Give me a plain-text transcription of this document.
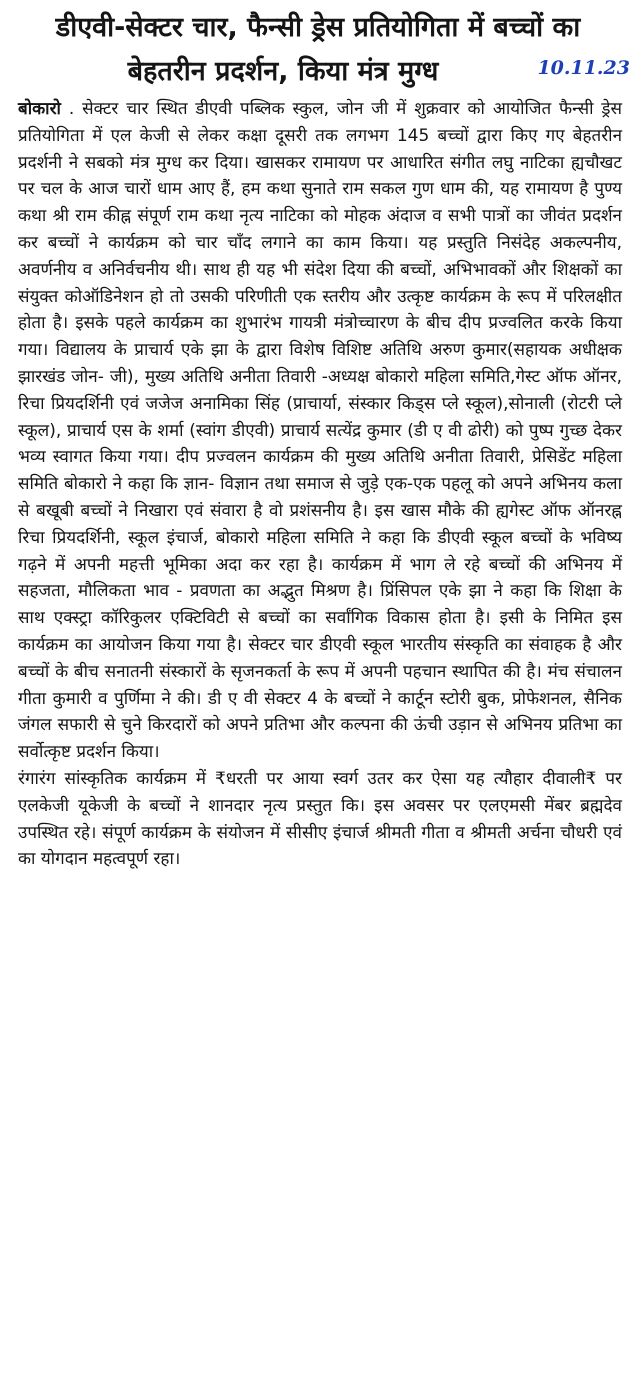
डीएवी-सेक्टर चार, फैन्सी ड्रेस प्रतियोगिता में बच्चों का
बेहतरीन प्रदर्शन, किया मंत्र मुग्ध	10.11.23

बोकारो . सेक्टर चार स्थित डीएवी पब्लिक स्कुल, जोन जी में शुक्रवार को आयोजित फैन्सी ड्रेस प्रतियोगिता में एल केजी से लेकर कक्षा दूसरी तक लगभग 145 बच्चों द्वारा किए गए बेहतरीन प्रदर्शनी ने सबको मंत्र मुग्ध कर दिया। खासकर रामायण पर आधारित संगीत लघु नाटिका ह्यचौखट पर चल के आज चारों धाम आए हैं, हम कथा सुनाते राम सकल गुण धाम की, यह रामायण है पुण्य कथा श्री राम कीह्न संपूर्ण राम कथा नृत्य नाटिका को मोहक अंदाज व सभी पात्रों का जीवंत प्रदर्शन कर बच्चों ने कार्यक्रम को चार चॉंद लगाने का काम किया। यह प्रस्तुति निसंदेह अकल्पनीय, अवर्णनीय व अनिर्वचनीय थी। साथ ही यह भी संदेश दिया की बच्चों, अभिभावकों और शिक्षकों का संयुक्त कोऑडिनेशन हो तो उसकी परिणीती एक स्तरीय और उत्कृष्ट कार्यक्रम के रूप में परिलक्षीत होता है। इसके पहले कार्यक्रम का शुभारंभ गायत्री मंत्रोच्चारण के बीच दीप प्रज्वलित करके किया गया। विद्यालय के प्राचार्य एके झा के द्वारा विशेष विशिष्ट अतिथि अरुण कुमार(सहायक अधीक्षक झारखंड जोन- जी), मुख्य अतिथि अनीता तिवारी -अध्यक्ष बोकारो महिला समिति,गेस्ट ऑफ ऑनर, रिचा प्रियदर्शिनी एवं जजेज अनामिका सिंह (प्राचार्या, संस्कार किड्स प्ले स्कूल),सोनाली (रोटरी प्ले स्कूल), प्राचार्य एस के शर्मा (स्वांग डीएवी) प्राचार्य सत्येंद्र कुमार (डी ए वी ढोरी) को पुष्प गुच्छ देकर भव्य स्वागत किया गया। दीप प्रज्वलन कार्यक्रम की मुख्य अतिथि अनीता तिवारी, प्रेसिडेंट महिला समिति बोकारो ने कहा कि ज्ञान- विज्ञान तथा समाज से जुड़े एक-एक पहलू को अपने अभिनय कला से बखूबी बच्चों ने निखारा एवं संवारा है वो प्रशंसनीय है। इस खास मौके की ह्यगेस्ट ऑफ ऑनरह्न रिचा प्रियदर्शिनी, स्कूल इंचार्ज, बोकारो महिला समिति ने कहा कि डीएवी स्कूल बच्चों के भविष्य गढ़ने में अपनी महत्ती भूमिका अदा कर रहा है। कार्यक्रम में भाग ले रहे बच्चों की अभिनय में सहजता, मौलिकता भाव - प्रवणता का अद्भुत मिश्रण है। प्रिंसिपल एके झा ने कहा कि शिक्षा के साथ एक्स्ट्रा कॉरिकुलर एक्टिविटी से बच्चों का सर्वांगिक विकास होता है। इसी के निमित इस कार्यक्रम का आयोजन किया गया है। सेक्टर चार डीएवी स्कूल भारतीय संस्कृति का संवाहक है और बच्चों के बीच सनातनी संस्कारों के सृजनकर्ता के रूप में अपनी पहचान स्थापित की है। मंच संचालन गीता कुमारी व पुर्णिमा ने की। डी ए वी सेक्टर 4 के बच्चों ने कार्टून स्टोरी बुक, प्रोफेशनल, सैनिक जंगल सफारी से चुने किरदारों को अपने प्रतिभा और कल्पना की ऊंची उड़ान से अभिनय प्रतिभा का सर्वोत्कृष्ट प्रदर्शन किया।

रंगारंग सांस्कृतिक कार्यक्रम में ₹धरती पर आया स्वर्ग उतर कर ऐसा यह त्यौहार दीवाली₹ पर एलकेजी यूकेजी के बच्चों ने शानदार नृत्य प्रस्तुत कि। इस अवसर पर एलएमसी मेंबर ब्रह्मदेव उपस्थित रहे। संपूर्ण कार्यक्रम के संयोजन में सीसीए इंचार्ज श्रीमती गीता व श्रीमती अर्चना चौधरी एवं का योगदान महत्वपूर्ण रहा।
